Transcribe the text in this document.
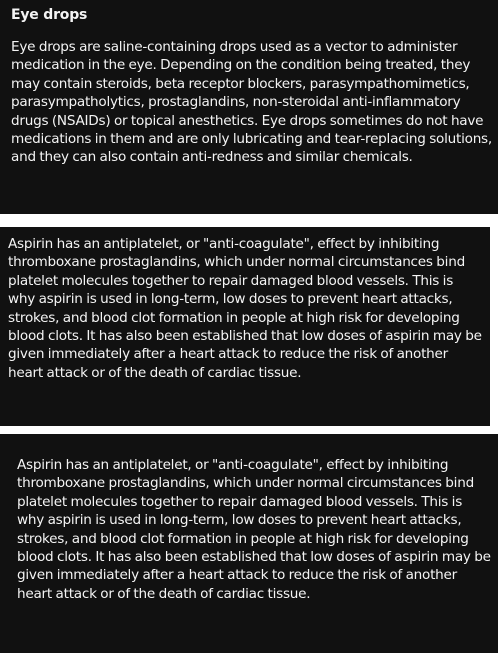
Eye drops

Eye drops are saline-containing drops used as a vector to administer medication in the eye. Depending on the condition being treated, they may contain steroids, beta receptor blockers, parasympathomimetics, parasympatholytics, prostaglandins, non-steroidal anti-inflammatory drugs (NSAIDs) or topical anesthetics. Eye drops sometimes do not have medications in them and are only lubricating and tear-replacing solutions, and they can also contain anti-redness and similar chemicals.

Aspirin has an antiplatelet, or "anti-coagulate", effect by inhibiting thromboxane prostaglandins, which under normal circumstances bind platelet molecules together to repair damaged blood vessels. This is why aspirin is used in long-term, low doses to prevent heart attacks, strokes, and blood clot formation in people at high risk for developing blood clots. It has also been established that low doses of aspirin may be given immediately after a heart attack to reduce the risk of another heart attack or of the death of cardiac tissue.

Aspirin has an antiplatelet, or "anti-coagulate", effect by inhibiting thromboxane prostaglandins, which under normal circumstances bind platelet molecules together to repair damaged blood vessels. This is why aspirin is used in long-term, low doses to prevent heart attacks, strokes, and blood clot formation in people at high risk for developing blood clots. It has also been established that low doses of aspirin may be given immediately after a heart attack to reduce the risk of another heart attack or of the death of cardiac tissue.
